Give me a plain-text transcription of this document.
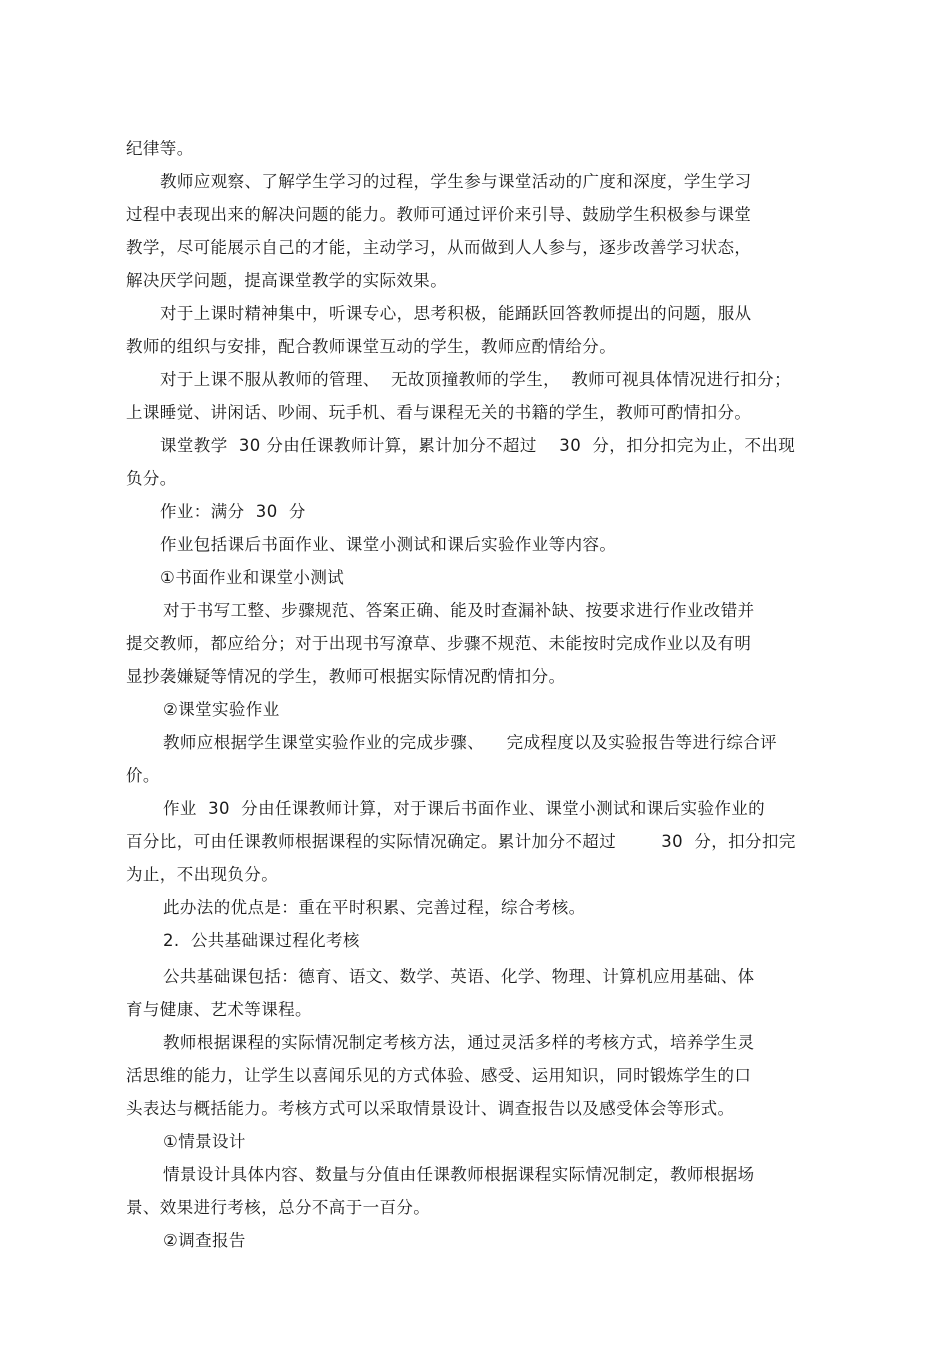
纪律等。
教师应观察、了解学生学习的过程，学生参与课堂活动的广度和深度，学生学习
过程中表现出来的解决问题的能力。教师可通过评价来引导、鼓励学生积极参与课堂
教学，尽可能展示自己的才能，主动学习，从而做到人人参与，逐步改善学习状态，
解决厌学问题，提高课堂教学的实际效果。
对于上课时精神集中，听课专心，思考积极，能踊跃回答教师提出的问题，服从
教师的组织与安排，配合教师课堂互动的学生，教师应酌情给分。
对于上课不服从教师的管理、  无故顶撞教师的学生，  教师可视具体情况进行扣分；
上课睡觉、讲闲话、吵闹、玩手机、看与课程无关的书籍的学生，教师可酌情扣分。
课堂教学  30 分由任课教师计算，累计加分不超过    30  分，扣分扣完为止，不出现
负分。
作业：满分  30  分
作业包括课后书面作业、课堂小测试和课后实验作业等内容。
①书面作业和课堂小测试
对于书写工整、步骤规范、答案正确、能及时查漏补缺、按要求进行作业改错并
提交教师，都应给分；对于出现书写潦草、步骤不规范、未能按时完成作业以及有明
显抄袭嫌疑等情况的学生，教师可根据实际情况酌情扣分。
②课堂实验作业
教师应根据学生课堂实验作业的完成步骤、    完成程度以及实验报告等进行综合评
价。
作业  30  分由任课教师计算，对于课后书面作业、课堂小测试和课后实验作业的
百分比，可由任课教师根据课程的实际情况确定。累计加分不超过        30  分，扣分扣完
为止，不出现负分。
此办法的优点是：重在平时积累、完善过程，综合考核。
2.  公共基础课过程化考核
公共基础课包括：德育、语文、数学、英语、化学、物理、计算机应用基础、体
育与健康、艺术等课程。
教师根据课程的实际情况制定考核方法，通过灵活多样的考核方式，培养学生灵
活思维的能力，让学生以喜闻乐见的方式体验、感受、运用知识，同时锻炼学生的口
头表达与概括能力。考核方式可以采取情景设计、调查报告以及感受体会等形式。
①情景设计
情景设计具体内容、数量与分值由任课教师根据课程实际情况制定，教师根据场
景、效果进行考核，总分不高于一百分。
②调查报告
